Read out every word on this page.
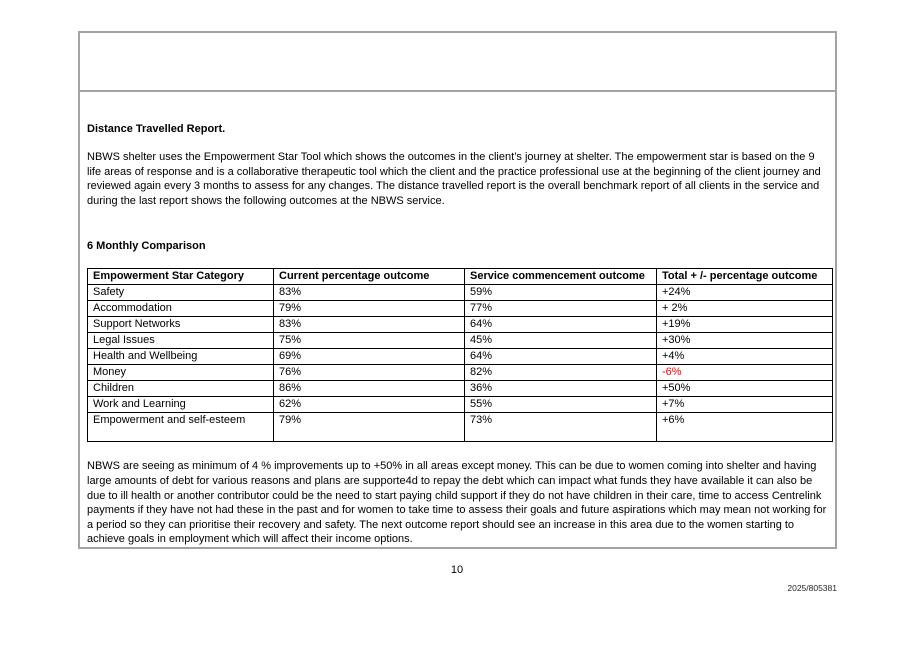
Distance Travelled Report.
NBWS shelter uses the Empowerment Star Tool which shows the outcomes in the client’s journey at shelter. The empowerment star is based on the 9 life areas of response and is a collaborative therapeutic tool which the client and the practice professional use at the beginning of the client journey and reviewed again every 3 months to assess for any changes. The distance travelled report is the overall benchmark report of all clients in the service and during the last report shows the following outcomes at the NBWS service.
6 Monthly Comparison
Empowerment Star Category	Current percentage outcome	Service commencement outcome	Total + /- percentage outcome
Safety	83%	59%	+24%
Accommodation	79%	77%	+ 2%
Support Networks	83%	64%	+19%
Legal Issues	75%	45%	+30%
Health and Wellbeing	69%	64%	+4%
Money	76%	82%	-6%
Children	86%	36%	+50%
Work and Learning	62%	55%	+7%
Empowerment and self-esteem	79%	73%	+6%
NBWS are seeing as minimum of 4 % improvements up to +50% in all areas except money. This can be due to women coming into shelter and having large amounts of debt for various reasons and plans are supporte4d to repay the debt which can impact what funds they have available it can also be due to ill health or another contributor could be the need to start paying child support if they do not have children in their care, time to access Centrelink payments if they have not had these in the past and for women to take time to assess their goals and future aspirations which may mean not working for a period so they can prioritise their recovery and safety. The next outcome report should see an increase in this area due to the women starting to achieve goals in employment which will affect their income options.
10
2025/805381
